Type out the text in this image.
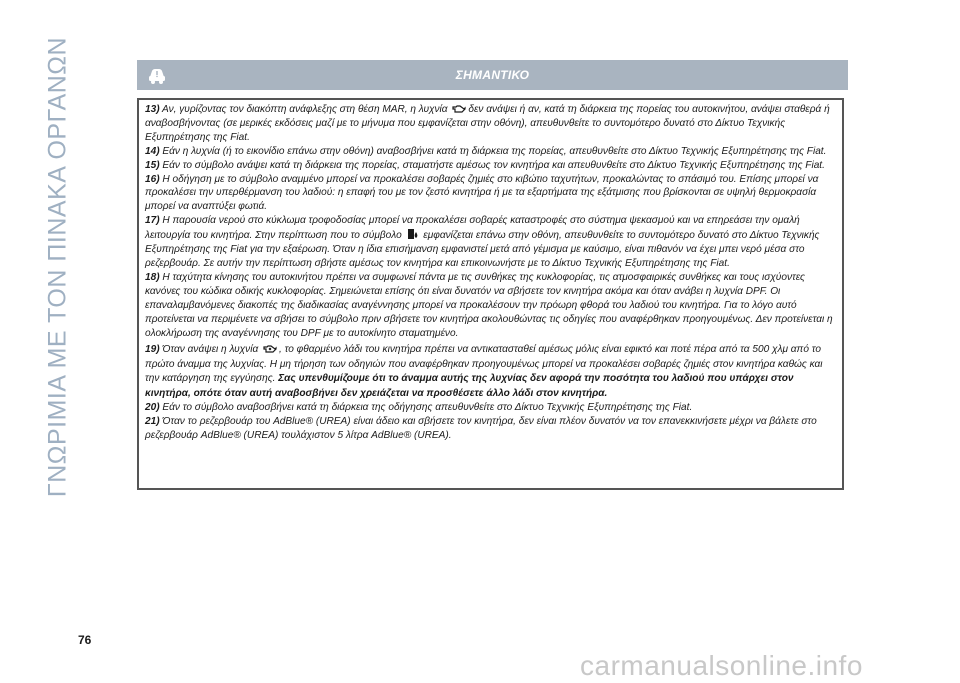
ΓΝΩΡΙΜΙΑ ΜΕ ΤΟΝ ΠΙΝΑΚΑ ΟΡΓΑΝΩΝ	ΣΗΜΑΝΤΙΚΟ

13) Αν, γυρίζοντας τον διακόπτη ανάφλεξης στη θέση MAR, η λυχνία δεν ανάψει ή αν, κατά τη διάρκεια της πορείας του αυτοκινήτου, ανάψει σταθερά ή αναβοσβήνοντας (σε μερικές εκδόσεις μαζί με το μήνυμα που εμφανίζεται στην οθόνη), απευθυνθείτε το συντομότερο δυνατό στο Δίκτυο Τεχνικής Εξυπηρέτησης της Fiat.

14) Εάν η λυχνία (ή το εικονίδιο επάνω στην οθόνη) αναβοσβήνει κατά τη διάρκεια της πορείας, απευθυνθείτε στο Δίκτυο Τεχνικής Εξυπηρέτησης της Fiat.

15) Εάν το σύμβολο ανάψει κατά τη διάρκεια της πορείας, σταματήστε αμέσως τον κινητήρα και απευθυνθείτε στο Δίκτυο Τεχνικής Εξυπηρέτησης της Fiat.

16) Η οδήγηση με το σύμβολο αναμμένο μπορεί να προκαλέσει σοβαρές ζημιές στο κιβώτιο ταχυτήτων, προκαλώντας το σπάσιμό του. Επίσης μπορεί να προκαλέσει την υπερθέρμανση του λαδιού: η επαφή του με τον ζεστό κινητήρα ή με τα εξαρτήματα της εξάτμισης που βρίσκονται σε υψηλή θερμοκρασία μπορεί να αναπτύξει φωτιά.

17) Η παρουσία νερού στο κύκλωμα τροφοδοσίας μπορεί να προκαλέσει σοβαρές καταστροφές στο σύστημα ψεκασμού και να επηρεάσει την ομαλή λειτουργία του κινητήρα. Στην περίπτωση που το σύμβολο  εμφανίζεται επάνω στην οθόνη, απευθυνθείτε το συντομότερο δυνατό στο Δίκτυο Τεχνικής Εξυπηρέτησης της Fiat για την εξαέρωση. Όταν η ίδια επισήμανση εμφανιστεί μετά από γέμισμα με καύσιμο, είναι πιθανόν να έχει μπει νερό μέσα στο ρεζερβουάρ. Σε αυτήν την περίπτωση σβήστε αμέσως τον κινητήρα και επικοινωνήστε με το Δίκτυο Τεχνικής Εξυπηρέτησης της Fiat.

18) Η ταχύτητα κίνησης του αυτοκινήτου πρέπει να συμφωνεί πάντα με τις συνθήκες της κυκλοφορίας, τις ατμοσφαιρικές συνθήκες και τους ισχύοντες κανόνες του κώδικα οδικής κυκλοφορίας. Σημειώνεται επίσης ότι είναι δυνατόν να σβήσετε τον κινητήρα ακόμα και όταν ανάβει η λυχνία DPF. Οι επαναλαμβανόμενες διακοπές της διαδικασίας αναγέννησης μπορεί να προκαλέσουν την πρόωρη φθορά του λαδιού του κινητήρα. Για το λόγο αυτό προτείνεται να περιμένετε να σβήσει το σύμβολο πριν σβήσετε τον κινητήρα ακολουθώντας τις οδηγίες που αναφέρθηκαν προηγουμένως. Δεν προτείνεται η ολοκλήρωση της αναγέννησης του DPF με το αυτοκίνητο σταματημένο.

19) Όταν ανάψει η λυχνία , το φθαρμένο λάδι του κινητήρα πρέπει να αντικατασταθεί αμέσως μόλις είναι εφικτό και ποτέ πέρα από τα 500 χλμ από το πρώτο άναμμα της λυχνίας. Η μη τήρηση των οδηγιών που αναφέρθηκαν προηγουμένως μπορεί να προκαλέσει σοβαρές ζημιές στον κινητήρα καθώς και την κατάργηση της εγγύησης. Σας υπενθυμίζουμε ότι το άναμμα αυτής της λυχνίας δεν αφορά την ποσότητα του λαδιού που υπάρχει στον κινητήρα, οπότε όταν αυτή αναβοσβήνει δεν χρειάζεται να προσθέσετε άλλο λάδι στον κινητήρα.

20) Εάν το σύμβολο αναβοσβήνει κατά τη διάρκεια της οδήγησης απευθυνθείτε στο Δίκτυο Τεχνικής Εξυπηρέτησης της Fiat.

21) Όταν το ρεζερβουάρ του AdBlue® (UREA) είναι άδειο και σβήσετε τον κινητήρα, δεν είναι πλέον δυνατόν να τον επανεκκινήσετε μέχρι να βάλετε στο ρεζερβουάρ AdBlue® (UREA) τουλάχιστον 5 λίτρα AdBlue® (UREA).

76
carmanualsonline.info
